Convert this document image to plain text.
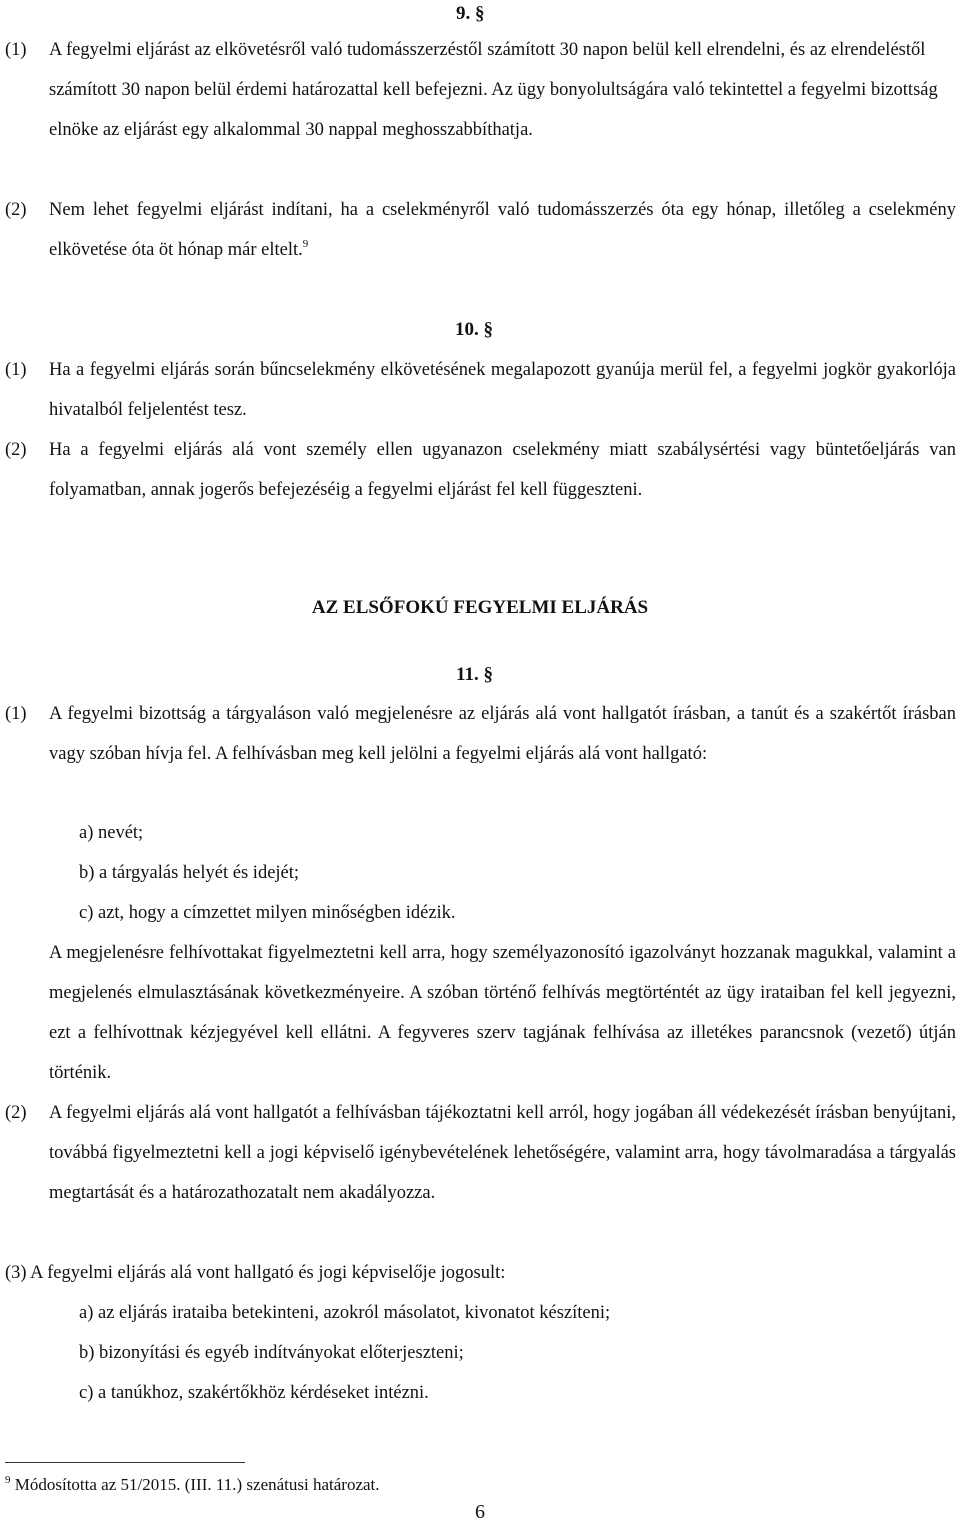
9. §
(1) A fegyelmi eljárást az elkövetésről való tudomásszerzéstől számított 30 napon belül kell elrendelni, és az elrendeléstől számított 30 napon belül érdemi határozattal kell befejezni. Az ügy bonyolultságára való tekintettel a fegyelmi bizottság elnöke az eljárást egy alkalommal 30 nappal meghosszabbíthatja.
(2) Nem lehet fegyelmi eljárást indítani, ha a cselekményről való tudomásszerzés óta egy hónap, illetőleg a cselekmény elkövetése óta öt hónap már eltelt.$^9$
10. §
(1) Ha a fegyelmi eljárás során bűncselekmény elkövetésének megalapozott gyanúja merül fel, a fegyelmi jogkör gyakorlója hivatalból feljelentést tesz.
(2) Ha a fegyelmi eljárás alá vont személy ellen ugyanazon cselekmény miatt szabálysértési vagy büntetőeljárás van folyamatban, annak jogerős befejezéséig a fegyelmi eljárást fel kell függeszteni.
AZ ELSŐFOKÚ FEGYELMI ELJÁRÁS
11. §
(1) A fegyelmi bizottság a tárgyaláson való megjelenésre az eljárás alá vont hallgatót írásban, a tanút és a szakértőt írásban vagy szóban hívja fel. A felhívásban meg kell jelölni a fegyelmi eljárás alá vont hallgató:
a) nevét;
b) a tárgyalás helyét és idejét;
c) azt, hogy a címzettet milyen minőségben idézik.
A megjelenésre felhívottakat figyelmeztetni kell arra, hogy személyazonosító igazolványt hozzanak magukkal, valamint a megjelenés elmulasztásának következményeire. A szóban történő felhívás megtörténtét az ügy irataiban fel kell jegyezni, ezt a felhívottnak kézjegyével kell ellátni. A fegyveres szerv tagjának felhívása az illetékes parancsnok (vezető) útján történik.
(2) A fegyelmi eljárás alá vont hallgatót a felhívásban tájékoztatni kell arról, hogy jogában áll védekezését írásban benyújtani, továbbá figyelmeztetni kell a jogi képviselő igénybevételének lehetőségére, valamint arra, hogy távolmaradása a tárgyalás megtartását és a határozathozatalt nem akadályozza.
(3) A fegyelmi eljárás alá vont hallgató és jogi képviselője jogosult:
a) az eljárás irataiba betekinteni, azokról másolatot, kivonatot készíteni;
b) bizonyítási és egyéb indítványokat előterjeszteni;
c) a tanúkhoz, szakértőkhöz kérdéseket intézni.
$^9$ Módosította az 51/2015. (III. 11.) szenátusi határozat.
6
